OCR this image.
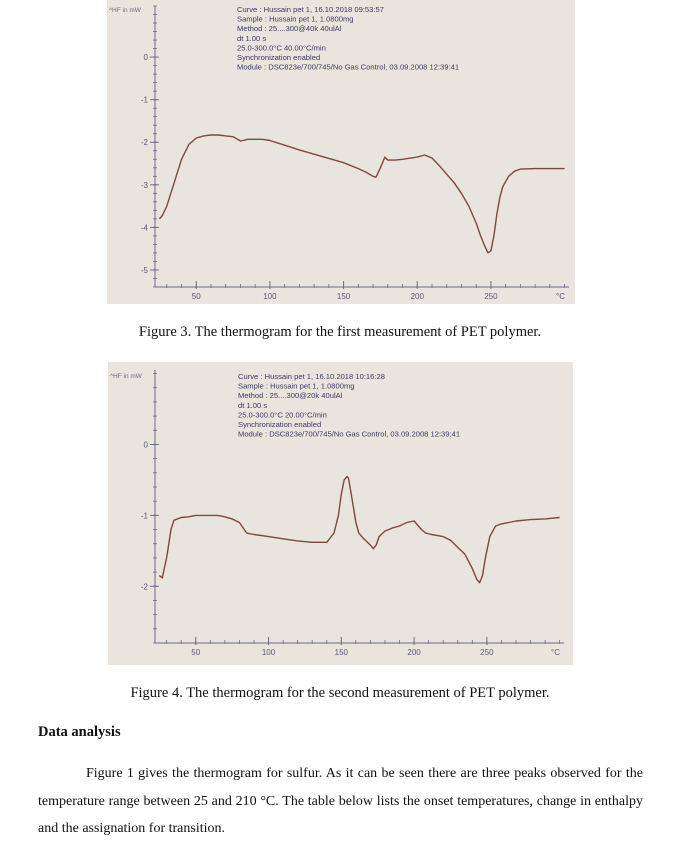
Curve : Hussain pet 1, 16.10.2018 09:53:57
Sample : Hussain pet 1, 1.0800mg
Method : 25....300@40k 40ulAl
dt 1.00 s
25.0-300.0°C 40.00°C/min
Synchronization enabled
Module : DSC823e/700/745/No Gas Control, 03.09.2008 12:39:41
^HF in mW
0
-1
-2
-3
-4
-5
50	100	150	200	250	°C
Figure 3. The thermogram for the first measurement of PET polymer.
Curve : Hussain pet 1, 16.10.2018 10:16:28
Sample : Hussain pet 1, 1.0800mg
Method : 25....300@20k 40ulAl
dt 1.00 s
25.0-300.0°C 20.00°C/min
Synchronization enabled
Module : DSC823e/700/745/No Gas Control, 03.09.2008 12:39:41
^HF in mW
0
-1
-2
50	100	150	200	250	°C
Figure 4. The thermogram for the second measurement of PET polymer.
Data analysis

Figure 1 gives the thermogram for sulfur. As it can be seen there are three peaks observed for the temperature range between 25 and 210 °C. The table below lists the onset temperatures, change in enthalpy and the assignation for transition.
